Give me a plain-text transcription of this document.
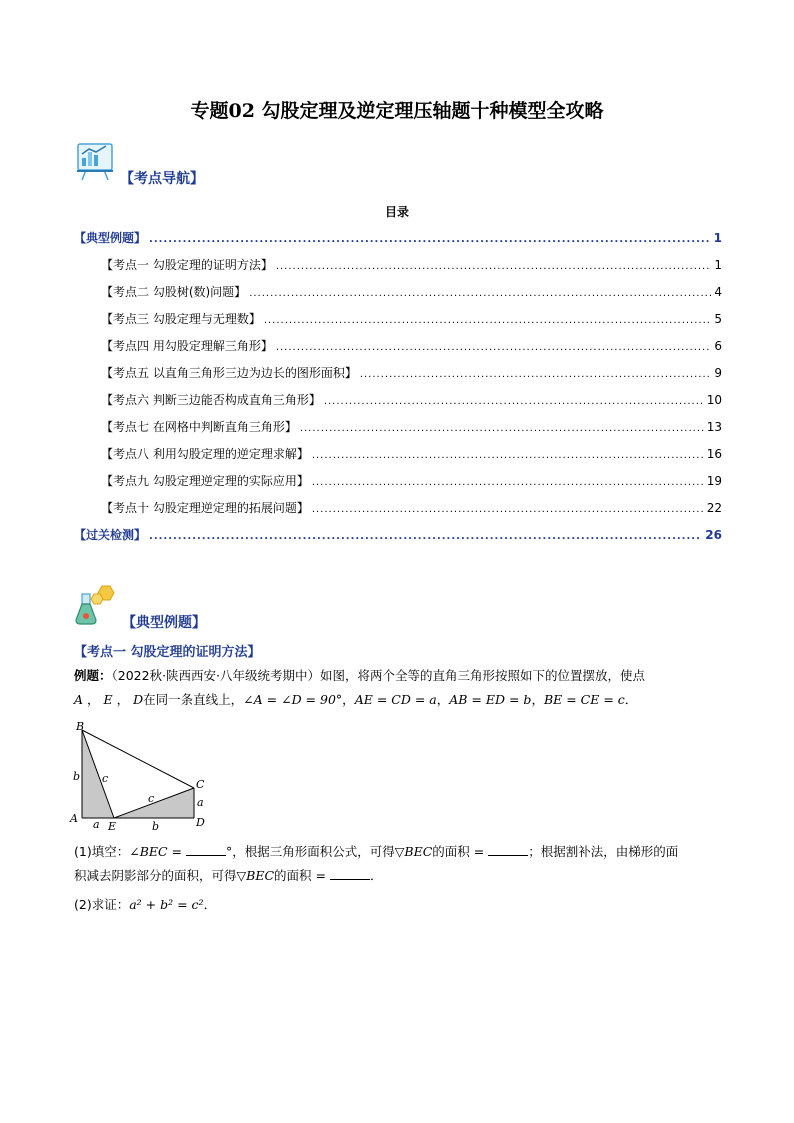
专题02 勾股定理及逆定理压轴题十种模型全攻略
【考点导航】
目录
【典型例题】 .....	1
【考点一 勾股定理的证明方法】 .....	1
【考点二 勾股树(数)问题】 .....	4
【考点三 勾股定理与无理数】 .....	5
【考点四 用勾股定理解三角形】 .....	6
【考点五 以直角三角形三边为边长的图形面积】 .....	9
【考点六 判断三边能否构成直角三角形】 .....	10
【考点七 在网格中判断直角三角形】 .....	13
【考点八 利用勾股定理的逆定理求解】 .....	16
【考点九 勾股定理逆定理的实际应用】 .....	19
【考点十 勾股定理逆定理的拓展问题】 .....	22
【过关检测】 .....	26
【典型例题】
【考点一 勾股定理的证明方法】
例题：（2022秋·陕西西安·八年级统考期中）如图，将两个全等的直角三角形按照如下的位置摆放，使点
A ， E ， D在同一条直线上，∠A = ∠D = 90°，AE = CD = a，AB = ED = b，BE = CE = c．
B
A
E	D
C
b c
c
a	b
a
(1)填空：∠BEC =	°，根据三角形面积公式，可得▽BEC的面积 =	；根据割补法，由梯形的面
积减去阴影部分的面积，可得▽BEC的面积 =	．
(2)求证：a² + b² = c²．
